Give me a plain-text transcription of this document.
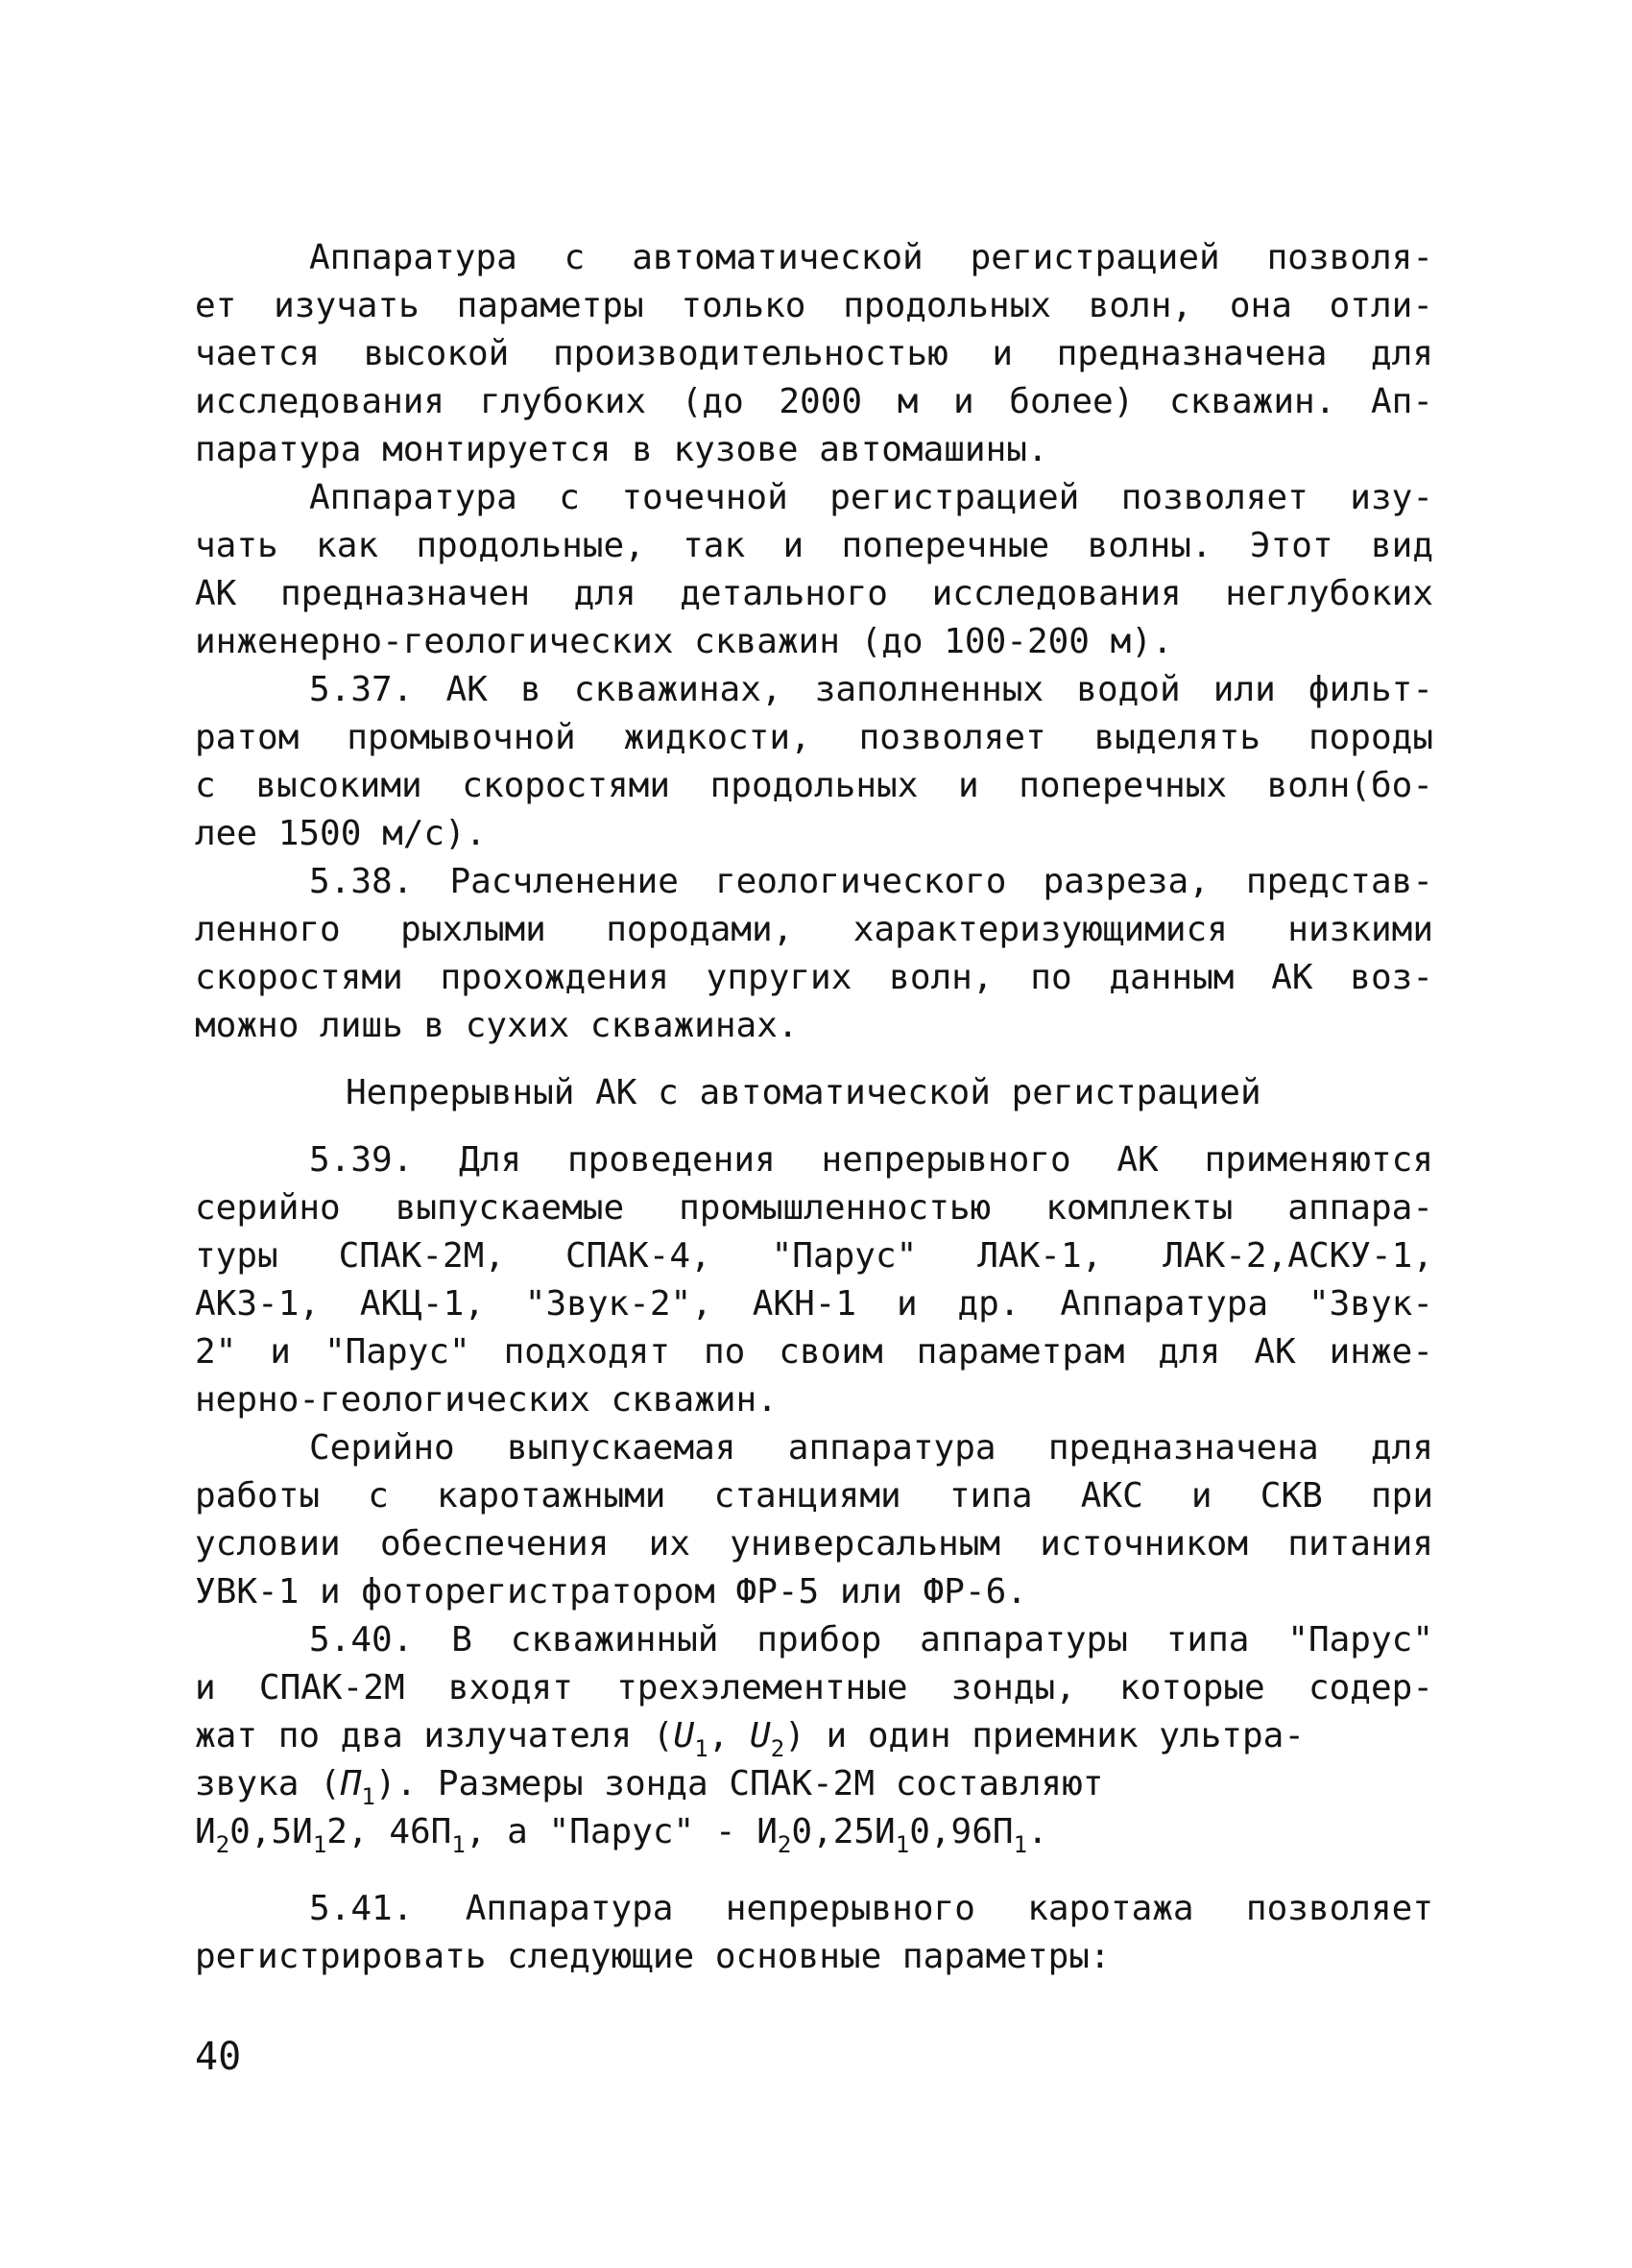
Аппаратура с автоматической регистрацией позволя-
ет изучать параметры только продольных волн, она отли-
чается высокой производительностью и предназначена для
исследования глубоких (до 2000 м и более) скважин. Ап-
паратура монтируется в кузове автомашины.
Аппаратура с точечной регистрацией позволяет изу-
чать как продольные, так и поперечные волны. Этот вид
АК предназначен для детального исследования неглубоких
инженерно-геологических скважин (до 100-200 м).
5.37. АК в скважинах, заполненных водой или фильт-
ратом промывочной жидкости, позволяет выделять породы
с высокими скоростями продольных и поперечных волн(бо-
лее 1500 м/с).
5.38. Расчленение геологического разреза, представ-
ленного рыхлыми породами, характеризующимися низкими
скоростями прохождения упругих волн, по данным АК воз-
можно лишь в сухих скважинах.
Непрерывный АК с автоматической регистрацией
5.39. Для проведения непрерывного АК применяются
серийно выпускаемые промышленностью комплекты аппара-
туры СПАК-2М, СПАК-4, "Парус" ЛАК-1, ЛАК-2,АСКУ-1,
АКЗ-1, АКЦ-1, "Звук-2", АКН-1 и др. Аппаратура "Звук-
2" и "Парус" подходят по своим параметрам для АК инже-
нерно-геологических скважин.
Серийно выпускаемая аппаратура предназначена для
работы с каротажными станциями типа АКС и СКВ при
условии обеспечения их универсальным источником питания
УВК-1 и фоторегистратором ФР-5 или ФР-6.
5.40. В скважинный прибор аппаратуры типа "Парус"
и СПАК-2М входят трехэлементные зонды, которые содер-
жат по два излучателя ($U_1$, $U_2$) и один приемник ультра-
звука $(П_1)$. Размеры зонда СПАК-2М составляют
$И_20,5И_12$, $46П_1$, а "Парус" - $И_20,25И_10,96П_1$.
5.41. Аппаратура непрерывного каротажа позволяет
регистрировать следующие основные параметры:
40
